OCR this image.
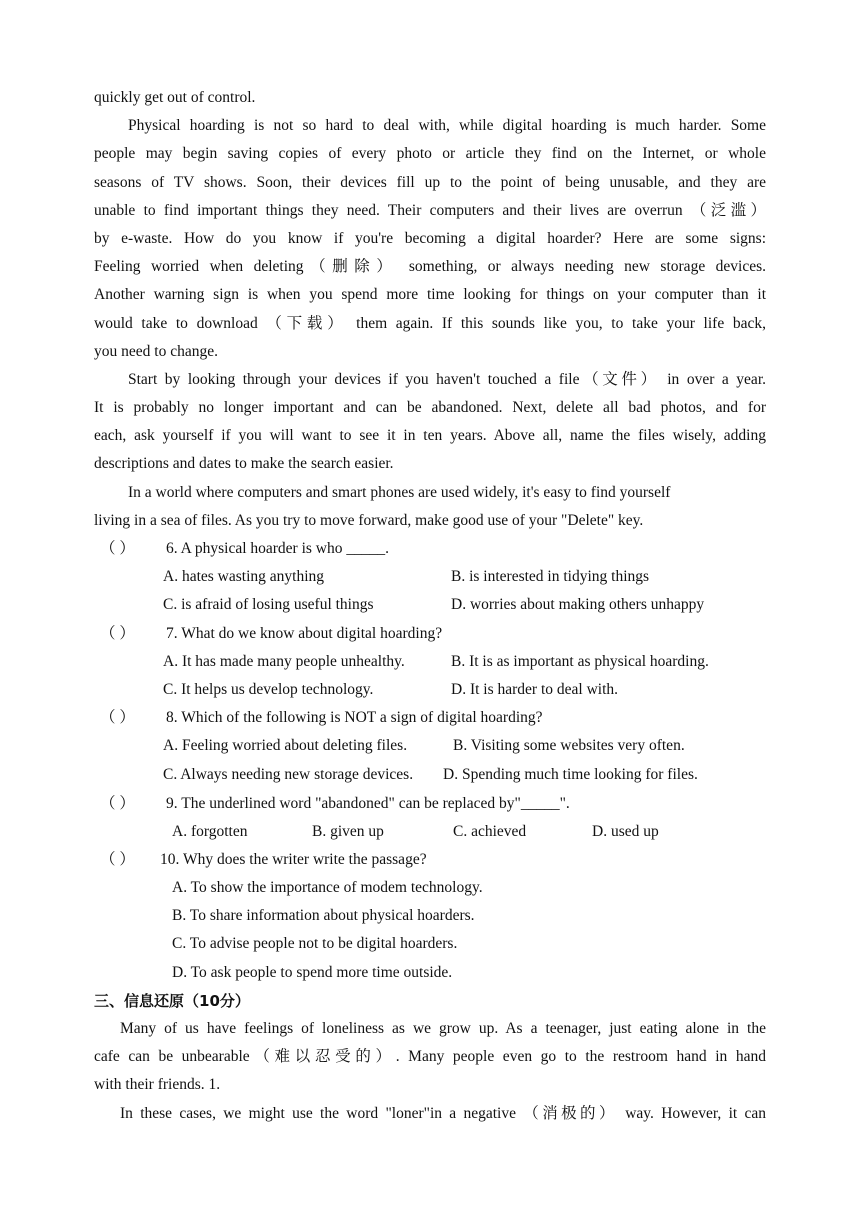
quickly get out of control.
Physical hoarding is not so hard to deal with, while digital hoarding is much harder. Some
people may begin saving copies of every photo or article they find on the Internet, or whole
seasons of TV shows. Soon, their devices fill up to the point of being unusable, and they are
unable to find important things they need. Their computers and their lives are overrun （泛滥）
by e-waste. How do you know if you're becoming a digital hoarder? Here are some signs:
Feeling worried when deleting（删除） something, or always needing new storage devices.
Another warning sign is when you spend more time looking for things on your computer than it
would take to download （下载） them again. If this sounds like you, to take your life back,
you need to change.
Start by looking through your devices if you haven't touched a file（文件） in over a year.
It is probably no longer important and can be abandoned. Next, delete all bad photos, and for
each, ask yourself if you will want to see it in ten years. Above all, name the files wisely, adding
descriptions and dates to make the search easier.
In a world where computers and smart phones are used widely, it's easy to find yourself
living in a sea of files. As you try to move forward, make good use of your "Delete" key.
（ ） 6. A physical hoarder is who _____.
A. hates wasting anything	B. is interested in tidying things
C. is afraid of losing useful things	D. worries about making others unhappy
（ ） 7. What do we know about digital hoarding?
A. It has made many people unhealthy.	B. It is as important as physical hoarding.
C. It helps us develop technology.	D. It is harder to deal with.
（ ） 8. Which of the following is NOT a sign of digital hoarding?
A. Feeling worried about deleting files.	B. Visiting some websites very often.
C. Always needing new storage devices. D. Spending much time looking for files.
（ ） 9. The underlined word "abandoned" can be replaced by"_____".
A. forgotten	B. given up	C. achieved	D. used up
（ ） 10. Why does the writer write the passage?
A. To show the importance of modem technology.
B. To share information about physical hoarders.
C. To advise people not to be digital hoarders.
D. To ask people to spend more time outside.
三、信息还原（10分）
Many of us have feelings of loneliness as we grow up. As a teenager, just eating alone in the
cafe can be unbearable（难以忍受的）. Many people even go to the restroom hand in hand
with their friends. 1.
In these cases, we might use the word "loner"in a negative （消极的） way. However, it can
